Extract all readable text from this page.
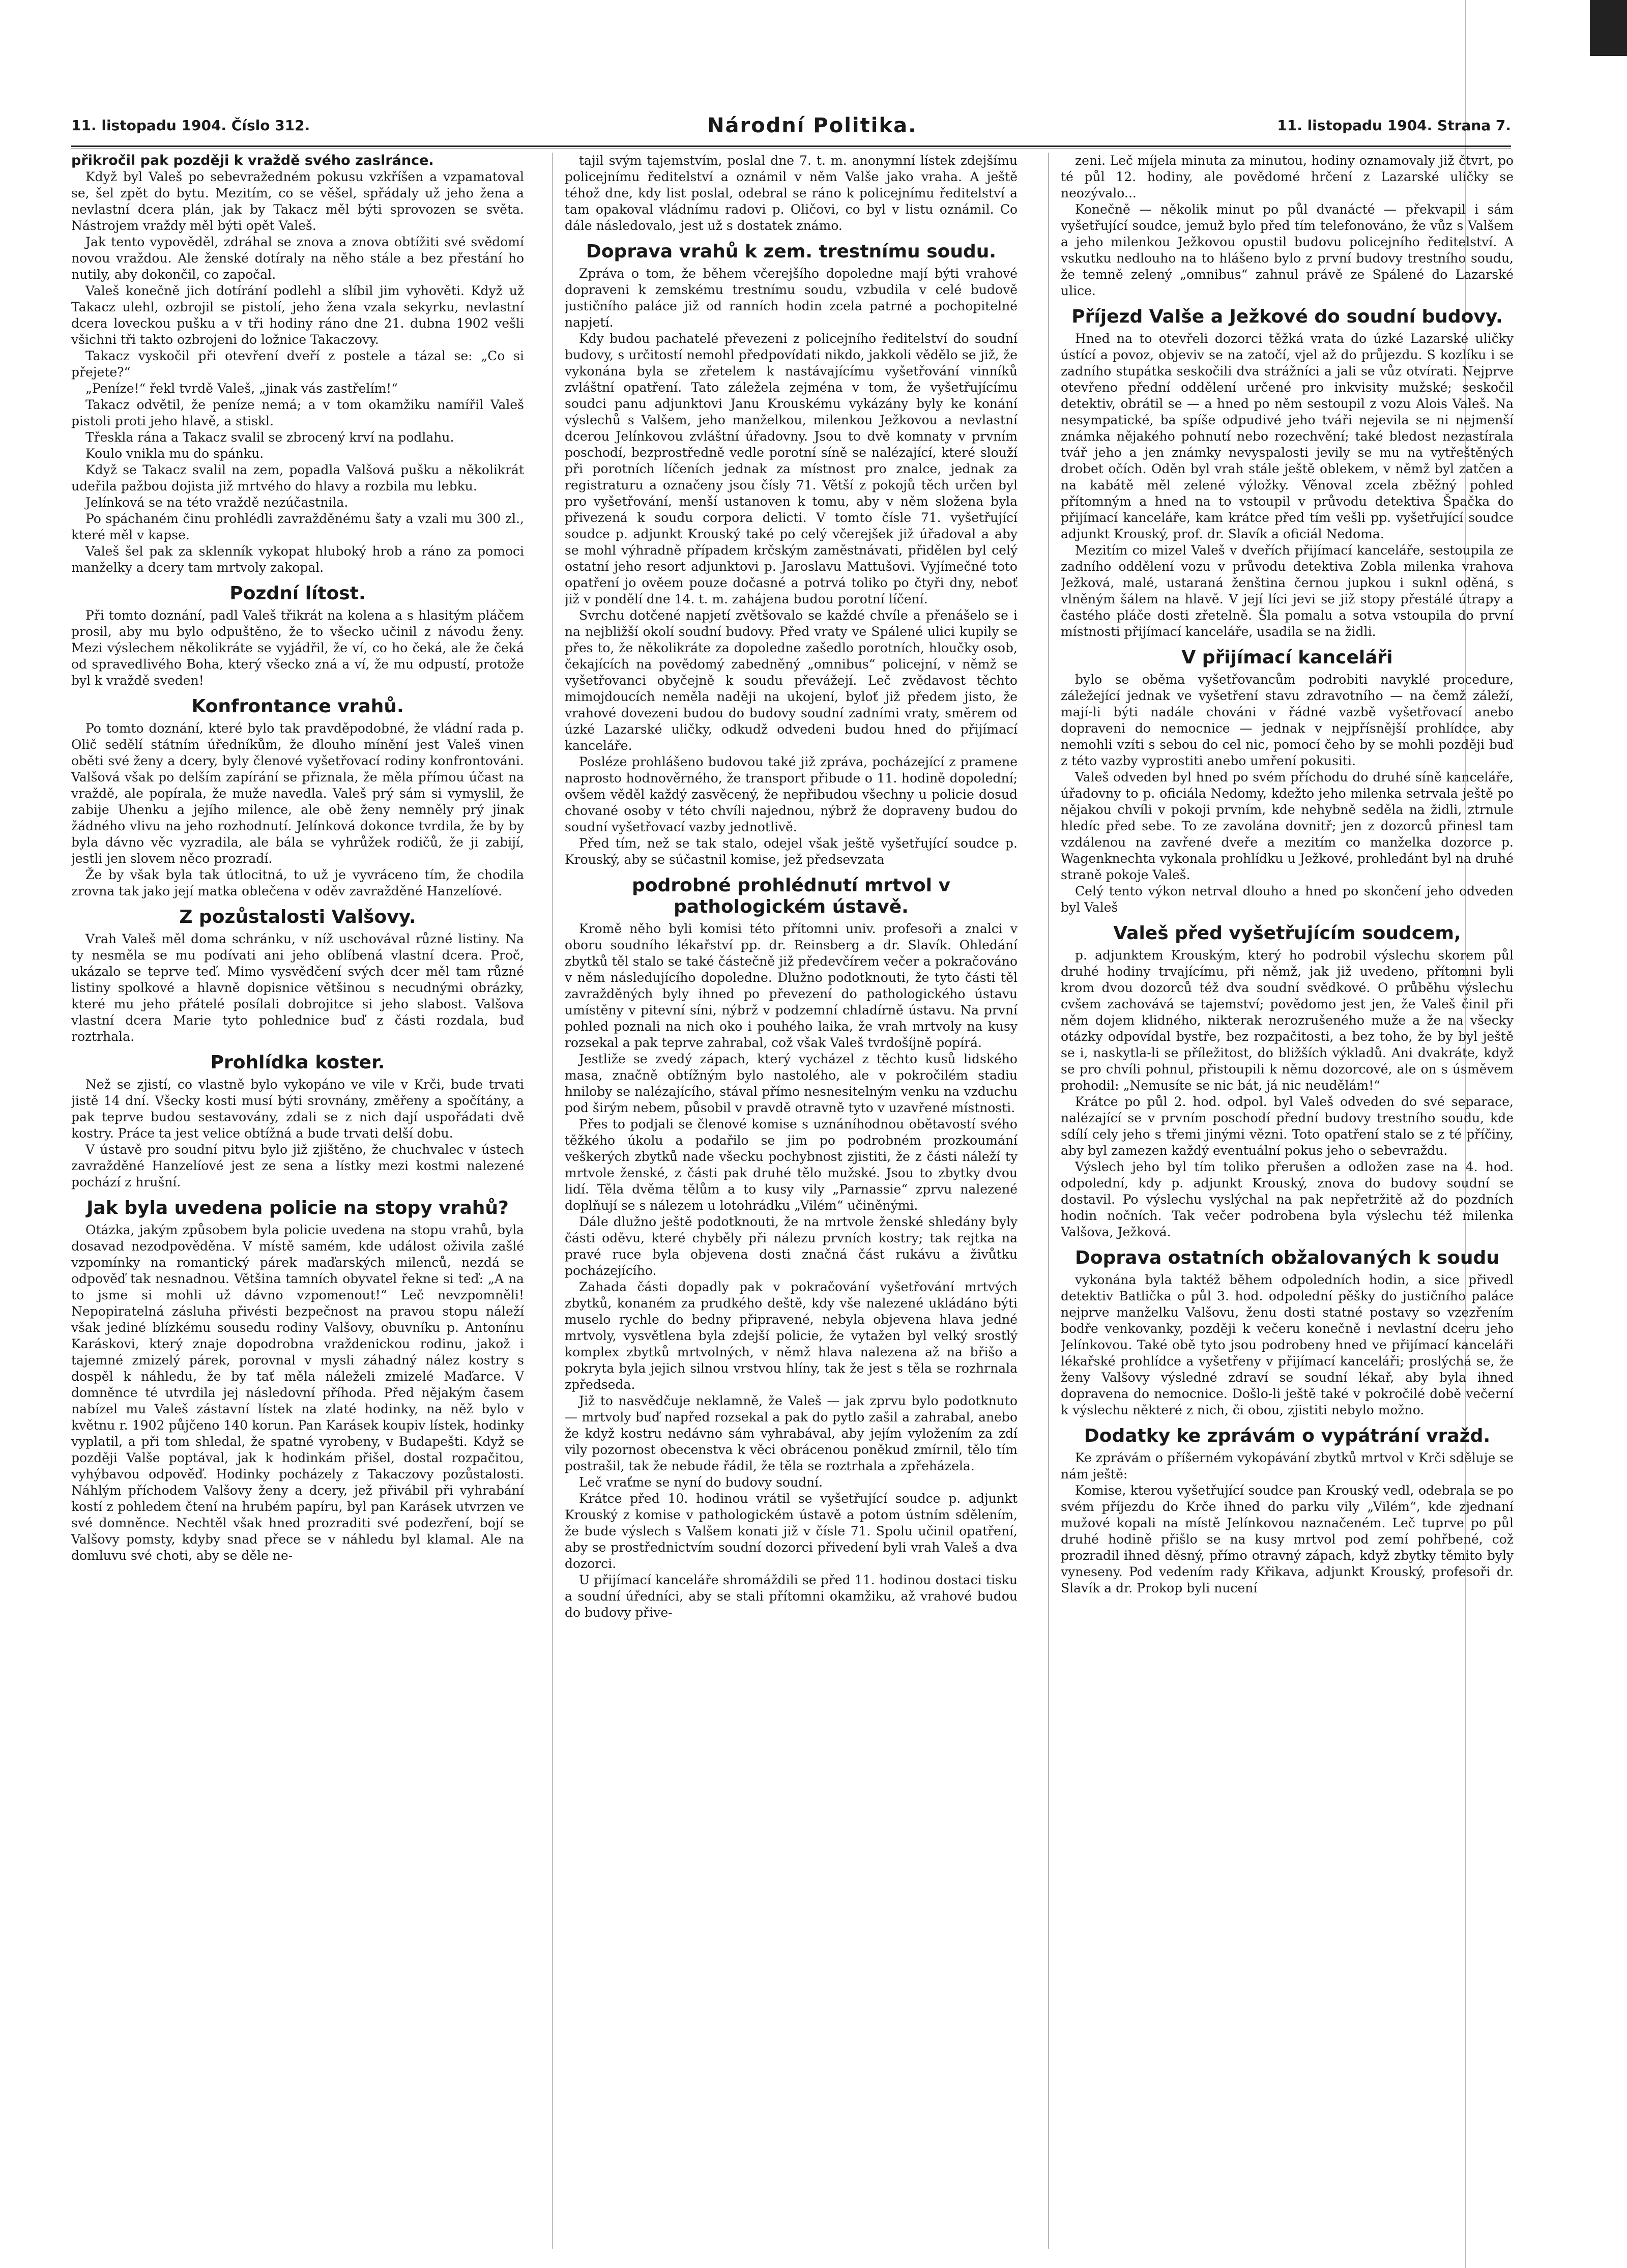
11. listopadu 1904. Číslo 312.	Národní Politika.	11. listopadu 1904. Strana 7.

přikročil pak později k vraždě svého zaslránce.

Když byl Valeš po sebevražedném pokusu vzkříšen a vzpamatoval se, šel zpět do bytu. Mezitím, co se věšel, spřádaly už jeho žena a nevlastní dcera plán, jak by Takacz měl býti sprovozen se světa. Nástrojem vraždy měl býti opět Valeš.

Jak tento vypověděl, zdráhal se znova a znova obtížiti své svědomí novou vraždou. Ale ženské dotíraly na něho stále a bez přestání ho nutily, aby dokončil, co započal.

Valeš konečně jich dotírání podlehl a slíbil jim vyhověti. Když už Takacz ulehl, ozbrojil se pistolí, jeho žena vzala sekyrku, nevlastní dcera loveckou pušku a v tři hodiny ráno dne 21. dubna 1902 vešli všichni tři takto ozbrojeni do ložnice Takaczovy.

Takacz vyskočil při otevření dveří z postele a tázal se: „Co si přejete?“

„Peníze!“ řekl tvrdě Valeš, „jinak vás zastřelím!“

Takacz odvětil, že peníze nemá; a v tom okamžiku namířil Valeš pistoli proti jeho hlavě, a stiskl.

Třeskla rána a Takacz svalil se zbrocený krví na podlahu.

Koulo vnikla mu do spánku.

Když se Takacz svalil na zem, popadla Valšová pušku a několikrát udeřila pažbou dojista již mrtvého do hlavy a rozbila mu lebku.

Jelínková se na této vraždě nezúčastnila.

Po spáchaném činu prohlédli zavražděnému šaty a vzali mu 300 zl., které měl v kapse.

Valeš šel pak za sklenník vykopat hluboký hrob a ráno za pomoci manželky a dcery tam mrtvoly zakopal.

Pozdní lítost.

Při tomto doznání, padl Valeš třikrát na kolena a s hlasitým pláčem prosil, aby mu bylo odpuštěno, že to všecko učinil z návodu ženy. Mezi výslechem několikráte se vyjádřil, že ví, co ho čeká, ale že čeká od spravedlivého Boha, který všecko zná a ví, že mu odpustí, protože byl k vraždě sveden!

Konfrontance vrahů.

Po tomto doznání, které bylo tak pravděpodobné, že vládní rada p. Olič sedělí státním úředníkům, že dlouho mínění jest Valeš vinen oběti své ženy a dcery, byly členové vyšetřovací rodiny konfrontováni. Valšová však po delším zapírání se přiznala, že měla přímou účast na vraždě, ale popírala, že muže navedla. Valeš prý sám si vymyslil, že zabije Uhenku a jejího milence, ale obě ženy nemněly prý jinak žádného vlivu na jeho rozhodnutí. Jelínková dokonce tvrdila, že by by byla dávno věc vyzradila, ale bála se vyhrůžek rodičů, že ji zabijí, jestli jen slovem něco prozradí.

Že by však byla tak útlocitná, to už je vyvráceno tím, že chodila zrovna tak jako její matka oblečena v oděv zavražděné Hanzelíové.

Z pozůstalosti Valšovy.

Vrah Valeš měl doma schránku, v níž uschovával různé listiny. Na ty nesměla se mu podívati ani jeho oblíbená vlastní dcera. Proč, ukázalo se teprve teď. Mimo vysvědčení svých dcer měl tam různé listiny spolkové a hlavně dopisnice většinou s necudnými obrázky, které mu jeho přátelé posílali dobrojitce si jeho slabost. Valšova vlastní dcera Marie tyto pohlednice buď z části rozdala, buď roztrhala.

Prohlídka koster.

Než se zjistí, co vlastně bylo vykopáno ve vile v Krči, bude trvati jistě 14 dní. Všecky kosti musí býti srovnány, změřeny a spočítány, a pak teprve budou sestavovány, zdali se z nich dají uspořádati dvě kostry. Práce ta jest velice obtížná a bude trvati delší dobu.

V ústavě pro soudní pitvu bylo již zjištěno, že chuchvalec v ústech zavražděné Hanzelíové jest ze sena a lístky mezi kostmi nalezené pochází z hrušní.

Jak byla uvedena policie na stopy vrahů?

Otázka, jakým způsobem byla policie uvedena na stopu vrahů, byla dosavad nezodpověděna. V místě samém, kde událost oživila zašlé vzpomínky na romantický párek maďarských milenců, nezdá se odpověď tak nesnadnou. Většina tamních obyvatel řekne si teď: „A na to jsme si mohli už dávno vzpomenout!“ Leč nevzpomněli! Nepopiratelná zásluha přivésti bezpečnost na pravou stopu náleží však jediné blízkému sousedu rodiny Valšovy, obuvníku p. Antonínu Karáskovi, který znaje dopodrobna vraždenickou rodinu, jakož i tajemné zmizelý párek, porovnal v mysli záhadný nález kostry s dospěl k náhledu, že by tať měla náleželi zmizelé Maďarce. V domněnce té utvrdila jej následovní příhoda. Před nějakým časem nabízel mu Valeš zástavní lístek na zlaté hodinky, na něž bylo v květnu r. 1902 půjčeno 140 korun. Pan Karásek koupiv lístek, hodinky vyplatil, a při tom shledal, že spatné vyrobeny, v Budapešti. Když se později Valše poptával, jak k hodinkám přišel, dostal rozpačitou, vyhýbavou odpověď. Hodinky pocházely z Takaczovy pozůstalosti. Náhlým příchodem Valšovy ženy a dcery, jež přivábil při vyhrabání kostí z pohledem čtení na hrubém papíru, byl pan Karásek utvrzen ve své domněnce. Nechtěl však hned prozraditi své podezření, bojí se Valšovy pomsty, kdyby snad přece se v náhledu byl klamal. Ale na domluvu své choti, aby se děle ne-

tajil svým tajemstvím, poslal dne 7. t. m. anonymní lístek zdejšímu policejnímu ředitelství a oznámil v něm Valše jako vraha. A ještě téhož dne, kdy list poslal, odebral se ráno k policejnímu ředitelství a tam opakoval vládnímu radovi p. Oličovi, co byl v listu oznámil. Co dále následovalo, jest už s dostatek známo.

Doprava vrahů k zem. trestnímu soudu.

Zpráva o tom, že během včerejšího dopoledne mají býti vrahové dopraveni k zemskému trestnímu soudu, vzbudila v celé budově justičního paláce již od ranních hodin zcela patrné a pochopitelné napjetí.

Kdy budou pachatelé převezeni z policejního ředitelství do soudní budovy, s určitostí nemohl předpovídati nikdo, jakkoli vědělo se již, že vykonána byla se zřetelem k nastávajícímu vyšetřování vinníků zvláštní opatření. Tato záležela zejména v tom, že vyšetřujícímu soudci panu adjunktovi Janu Krouskému vykázány byly ke konání výslechů s Valšem, jeho manželkou, milenkou Ježkovou a nevlastní dcerou Jelínkovou zvláštní úřadovny. Jsou to dvě komnaty v prvním poschodí, bezprostředně vedle porotní síně se nalézající, které slouží při porotních líčeních jednak za místnost pro znalce, jednak za registraturu a označeny jsou čísly 71. Větší z pokojů těch určen byl pro vyšetřování, menší ustanoven k tomu, aby v něm složena byla přivezená k soudu corpora delicti. V tomto čísle 71. vyšetřující soudce p. adjunkt Krouský také po celý včerejšek již úřadoval a aby se mohl výhradně případem krčským zaměstnávati, přidělen byl celý ostatní jeho resort adjunktovi p. Jaroslavu Mattušovi. Vyjímečné toto opatření jo ověem pouze dočasné a potrvá toliko po čtyři dny, neboť již v pondělí dne 14. t. m. zahájena budou porotní líčení.

Svrchu dotčené napjetí zvětšovalo se každé chvíle a přenášelo se i na nejbližší okolí soudní budovy. Před vraty ve Spálené ulici kupily se přes to, že několikráte za dopoledne zašedlo porotních, hloučky osob, čekajících na povědomý zabedněný „omnibus“ policejní, v němž se vyšetřovanci obyčejně k soudu převážejí. Leč zvědavost těchto mimojdoucích neměla naději na ukojení, byloť již předem jisto, že vrahové dovezeni budou do budovy soudní zadními vraty, směrem od úzké Lazarské uličky, odkudž odvedeni budou hned do přijímací kanceláře.

Posléze prohlášeno budovou také již zpráva, pocházející z pramene naprosto hodnověrného, že transport přibude o 11. hodině dopolední; ovšem věděl každý zasvěcený, že nepřibudou všechny u policie dosud chované osoby v této chvíli najednou, nýbrž že dopraveny budou do soudní vyšetřovací vazby jednotlivě.

Před tím, než se tak stalo, odejel však ještě vyšetřující soudce p. Krouský, aby se súčastnil komise, jež předsevzata

podrobné prohlédnutí mrtvol v pathologickém ústavě.

Kromě něho byli komisi této přítomni univ. profesoři a znalci v oboru soudního lékařství pp. dr. Reinsberg a dr. Slavík. Ohledání zbytků těl stalo se také částečně již předevčírem večer a pokračováno v něm následujícího dopoledne. Dlužno podotknouti, že tyto části těl zavražděných byly ihned po převezení do pathologického ústavu umístěny v pitevní síni, nýbrž v podzemní chladírně ústavu. Na první pohled poznali na nich oko i pouhého laika, že vrah mrtvoly na kusy rozsekal a pak teprve zahrabal, což však Valeš tvrdošíjně popírá.

Jestliže se zvedý zápach, který vycházel z těchto kusů lidského masa, značně obtížným bylo nastolého, ale v pokročilém stadiu hniloby se nalézajícího, stával přímo nesnesitelným venku na vzduchu pod širým nebem, působil v pravdě otravně tyto v uzavřené místnosti.

Přes to podjali se členové komise s uznáníhodnou obětavostí svého těžkého úkolu a podařilo se jim po podrobném prozkoumání veškerých zbytků nade všecku pochybnost zjistiti, že z části náleží ty mrtvole ženské, z části pak druhé tělo mužské. Jsou to zbytky dvou lidí. Těla dvěma tělům a to kusy vily „Parnassie“ zprvu nalezené doplňují se s nálezem u lotohrádku „Vilém“ učiněnými.

Dále dlužno ještě podotknouti, že na mrtvole ženské shledány byly části oděvu, které chyběly při nálezu prvních kostry; tak rejtka na pravé ruce byla objevena dosti značná část rukávu a živůtku pocházejícího.

Zahada části dopadly pak v pokračování vyšetřování mrtvých zbytků, konaném za prudkého deště, kdy vše nalezené ukládáno býti muselo rychle do bedny připravené, nebyla objevena hlava jedné mrtvoly, vysvětlena byla zdejší policie, že vytažen byl velký srostlý komplex zbytků mrtvolných, v němž hlava nalezena až na břišo a pokryta byla jejich silnou vrstvou hlíny, tak že jest s těla se rozhrnala zpředseda.

Již to nasvědčuje neklamně, že Valeš — jak zprvu bylo podotknuto — mrtvoly buď napřed rozsekal a pak do pytlo zašil a zahrabal, anebo že když kostru nedávno sám vyhrabával, aby jejím vyložením za zdí vily pozornost obecenstva k věci obrácenou poněkud zmírnil, tělo tím postrašil, tak že nebude řádil, že těla se roztrhala a zpřeházela.

Leč vraťme se nyní do budovy soudní.

Krátce před 10. hodinou vrátil se vyšetřující soudce p. adjunkt Krouský z komise v pathologickém ústavě a potom ústním sdělením, že bude výslech s Valšem konati již v čísle 71. Spolu učinil opatření, aby se prostřednictvím soudní dozorci přivedení byli vrah Valeš a dva dozorci.

U přijímací kanceláře shromáždili se před 11. hodinou dostaci tisku a soudní úředníci, aby se stali přítomni okamžiku, až vrahové budou do budovy přive-

zeni. Leč míjela minuta za minutou, hodiny oznamovaly již čtvrt, po té půl 12. hodiny, ale povědomé hrčení z Lazarské uličky se neozývalo...

Konečně — několik minut po půl dvanácté — překvapil i sám vyšetřující soudce, jemuž bylo před tím telefonováno, že vůz s Valšem a jeho milenkou Ježkovou opustil budovu policejního ředitelství. A vskutku nedlouho na to hlášeno bylo z první budovy trestního soudu, že temně zelený „omnibus“ zahnul právě ze Spálené do Lazarské ulice.

Příjezd Valše a Ježkové do soudní budovy.

Hned na to otevřeli dozorci těžká vrata do úzké Lazarské uličky ústící a povoz, objeviv se na zatočí, vjel až do průjezdu. S kozlíku i se zadního stupátka seskočili dva strážníci a jali se vůz otvírati. Nejprve otevřeno přední oddělení určené pro inkvisity mužské; seskočil detektiv, obrátil se — a hned po něm sestoupil z vozu Alois Valeš. Na nesympatické, ba spíše odpudivé jeho tváři nejevila se ni nejmenší známka nějakého pohnutí nebo rozechvění; také bledost nezastírala tvář jeho a jen známky nevyspalosti jevily se mu na vytřeštěných drobet očích. Oděn byl vrah stále ještě oblekem, v němž byl zatčen a na kabátě měl zelené výložky. Věnoval zcela zběžný pohled přítomným a hned na to vstoupil v průvodu detektiva Špačka do přijímací kanceláře, kam krátce před tím vešli pp. vyšetřující soudce adjunkt Krouský, prof. dr. Slavík a oficiál Nedoma.

Mezitím co mizel Valeš v dveřích přijímací kanceláře, sestoupila ze zadního oddělení vozu v průvodu detektiva Zobla milenka vrahova Ježková, malé, ustaraná ženština černou jupkou i suknl oděná, s vlněným šálem na hlavě. V její líci jevi se již stopy přestálé útrapy a častého pláče dosti zřetelně. Šla pomalu a sotva vstoupila do první místnosti přijímací kanceláře, usadila se na židli.

V přijímací kanceláři

bylo se oběma vyšetřovancům podrobiti navyklé procedure, záležející jednak ve vyšetření stavu zdravotního — na čemž záleží, mají-li býti nadále chováni v řádné vazbě vyšetřovací anebo dopraveni do nemocnice — jednak v nejpřísnější prohlídce, aby nemohli vzíti s sebou do cel nic, pomocí čeho by se mohli později buď z této vazby vyprostiti anebo umření pokusiti.

Valeš odveden byl hned po svém příchodu do druhé síně kanceláře, úřadovny to p. oficiála Nedomy, kdežto jeho milenka setrvala ještě po nějakou chvíli v pokoji prvním, kde nehybně seděla na židli, ztrnule hledíc před sebe. To ze zavolána dovnitř; jen z dozorců přinesl tam vzdálenou na zavřené dveře a mezitím co manželka dozorce p. Wagenknechta vykonala prohlídku u Ježkové, prohledánt byl na druhé straně pokoje Valeš.

Celý tento výkon netrval dlouho a hned po skončení jeho odveden byl Valeš

Valeš před vyšetřujícím soudcem,

p. adjunktem Krouským, který ho podrobil výslechu skorem půl druhé hodiny trvajícímu, při němž, jak již uvedeno, přítomni byli krom dvou dozorců též dva soudní svědkové. O průběhu výslechu cvšem zachovává se tajemství; povědomo jest jen, že Valeš činil při něm dojem klidného, nikterak nerozrušeného muže a že na všecky otázky odpovídal bystře, bez rozpačitosti, a bez toho, že by byl ještě se i, naskytla-li se příležitost, do bližších výkladů. Ani dvakráte, když se pro chvíli pohnul, přistoupili k němu dozorcové, ale on s úsměvem prohodil: „Nemusíte se nic bát, já nic neudělám!“

Krátce po půl 2. hod. odpol. byl Valeš odveden do své separace, nalézající se v prvním poschodí přední budovy trestního soudu, kde sdílí cely jeho s třemi jinými vězni. Toto opatření stalo se z té příčiny, aby byl zamezen každý eventuální pokus jeho o sebevraždu.

Výslech jeho byl tím toliko přerušen a odložen zase na 4. hod. odpolední, kdy p. adjunkt Krouský, znova do budovy soudní se dostavil. Po výslechu vyslýchal na pak nepřetržitě až do pozdních hodin nočních. Tak večer podrobena byla výslechu též milenka Valšova, Ježková.

Doprava ostatních obžalovaných k soudu

vykonána byla taktéž během odpoledních hodin, a sice přivedl detektiv Batlička o půl 3. hod. odpolední pěšky do justičního paláce nejprve manželku Valšovu, ženu dosti statné postavy so vzezřením bodře venkovanky, později k večeru konečně i nevlastní dceru jeho Jelínkovou. Také obě tyto jsou podrobeny hned ve přijímací kanceláři lékařské prohlídce a vyšetřeny v přijímací kanceláři; proslýchá se, že ženy Valšovy výsledné zdraví se soudní lékař, aby byla ihned dopravena do nemocnice. Došlo-li ještě také v pokročilé době večerní k výslechu některé z nich, či obou, zjistiti nebylo možno.

Dodatky ke zprávám o vypátrání vražd.

Ke zprávám o příšerném vykopávání zbytků mrtvol v Krči sděluje se nám ještě:

Komise, kterou vyšetřující soudce pan Krouský vedl, odebrala se po svém příjezdu do Krče ihned do parku vily „Vilém“, kde zjednaní mužové kopali na místě Jelínkovou naznačeném. Leč tuprve po půl druhé hodině přišlo se na kusy mrtvol pod zemí pohřbené, což prozradil ihned děsný, přímo otravný zápach, když zbytky těmito byly vyneseny. Pod vedením rady Křikava, adjunkt Krouský, profesoři dr. Slavík a dr. Prokop byli nucení
